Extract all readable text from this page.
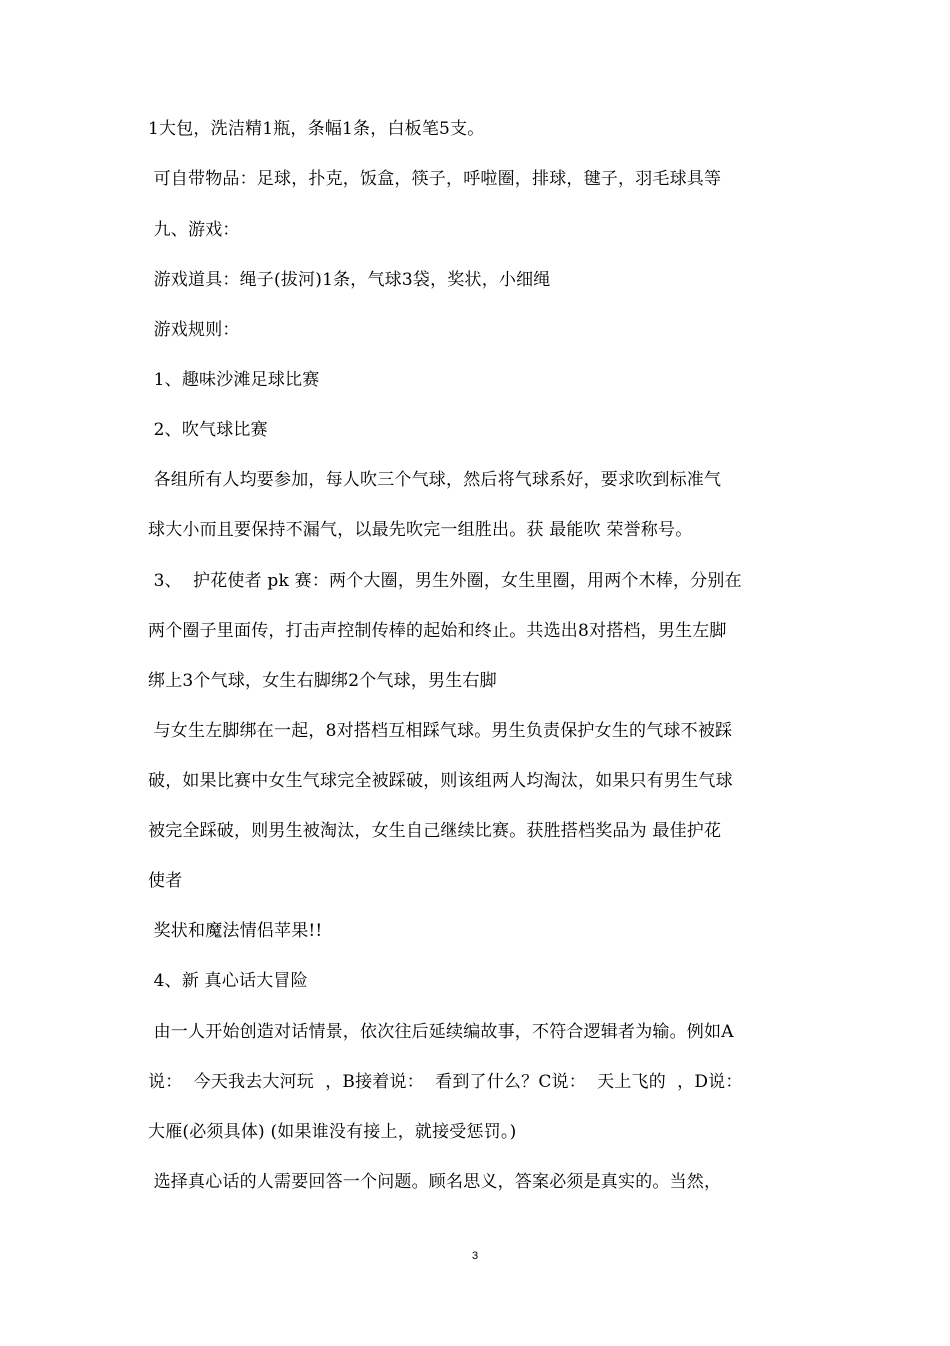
1大包，洗洁精1瓶，条幅1条，白板笔5支。
可自带物品：足球，扑克，饭盒，筷子，呼啦圈，排球，毽子，羽毛球具等
九、游戏：
游戏道具：绳子(拔河)1条，气球3袋，奖状，小细绳
游戏规则：
1、趣味沙滩足球比赛
2、吹气球比赛
各组所有人均要参加，每人吹三个气球，然后将气球系好，要求吹到标准气
球大小而且要保持不漏气，以最先吹完一组胜出。获 最能吹 荣誉称号。
3、  护花使者 pk 赛：两个大圈，男生外圈，女生里圈，用两个木棒，分别在
两个圈子里面传，打击声控制传棒的起始和终止。共选出8对搭档，男生左脚
绑上3个气球，女生右脚绑2个气球，男生右脚
与女生左脚绑在一起，8对搭档互相踩气球。男生负责保护女生的气球不被踩
破，如果比赛中女生气球完全被踩破，则该组两人均淘汰，如果只有男生气球
被完全踩破，则男生被淘汰，女生自己继续比赛。获胜搭档奖品为 最佳护花
使者
奖状和魔法情侣苹果!!
4、新 真心话大冒险
由一人开始创造对话情景，依次往后延续编故事，不符合逻辑者为输。例如A
说：  今天我去大河玩  ，B接着说：  看到了什么？C说：  天上飞的  ，D说：
大雁(必须具体) (如果谁没有接上，就接受惩罚。)
选择真心话的人需要回答一个问题。顾名思义，答案必须是真实的。当然，
3
